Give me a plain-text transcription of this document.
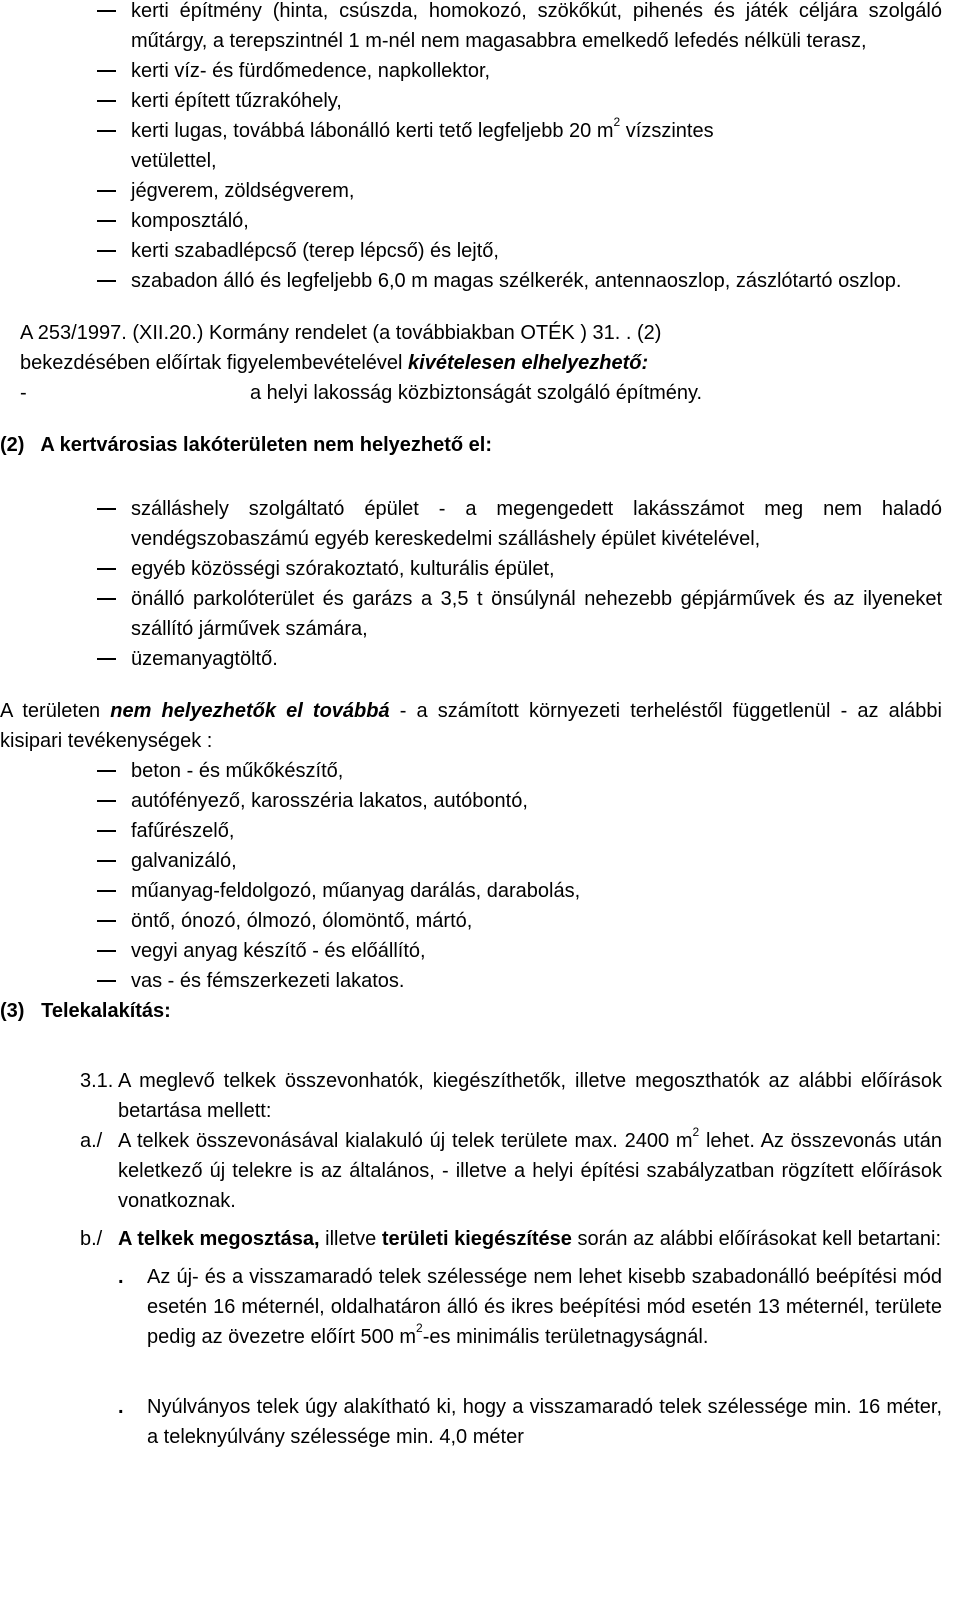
kerti építmény (hinta, csúszda, homokozó, szökőkút, pihenés és játék céljára szolgáló műtárgy, a terepszintnél 1 m-nél nem magasabbra emelkedő lefedés nélküli terasz,
kerti víz- és fürdőmedence, napkollektor,
kerti épített tűzrakóhely,
kerti lugas, továbbá lábonálló kerti tető legfeljebb 20 $m^2$ vízszintes
vetülettel,
jégverem, zöldségverem,
komposztáló,
kerti szabadlépcső (terep lépcső) és lejtő,
szabadon álló és legfeljebb 6,0 m magas szélkerék, antennaoszlop, zászlótartó oszlop.
A 253/1997. (XII.20.) Kormány rendelet (a továbbiakban OTÉK ) 31. . (2)
bekezdésében előírtak figyelembevételével kivételesen elhelyezhető:
-	a helyi lakosság közbiztonságát szolgáló építmény.
(2)   A kertvárosias lakóterületen nem helyezhető el:
szálláshely szolgáltató épület - a megengedett lakásszámot meg nem haladó vendégszobaszámú egyéb kereskedelmi szálláshely épület kivételével,
egyéb közösségi szórakoztató, kulturális épület,
önálló parkolóterület és garázs a 3,5 t önsúlynál nehezebb gépjárművek és az ilyeneket szállító járművek számára,
üzemanyagtöltő.
A területen nem helyezhetők el továbbá - a számított környezeti terheléstől függetlenül - az alábbi kisipari tevékenységek :
beton - és műkőkészítő,
autófényező, karosszéria lakatos, autóbontó,
fafűrészelő,
galvanizáló,
műanyag-feldolgozó, műanyag darálás, darabolás,
öntő, ónozó, ólmozó, ólomöntő, mártó,
vegyi anyag készítő - és előállító,
vas - és fémszerkezeti lakatos.
(3)   Telekalakítás:
3.1. A meglevő telkek összevonhatók, kiegészíthetők, illetve megoszthatók az alábbi előírások betartása mellett:
a./ A telkek összevonásával kialakuló új telek területe max. 2400 $m^2$ lehet. Az összevonás után keletkező új telekre is az általános, - illetve a helyi építési szabályzatban rögzített előírások vonatkoznak.
b./ A telkek megosztása, illetve területi kiegészítése során az alábbi előírásokat kell betartani:
. Az új- és a visszamaradó telek szélessége nem lehet kisebb szabadonálló beépítési mód esetén 16 méternél, oldalhatáron álló és ikres beépítési mód esetén 13 méternél, területe pedig az övezetre előírt 500 $m^2-es$ minimális területnagyságnál.
. Nyúlványos telek úgy alakítható ki, hogy a visszamaradó telek szélessége min. 16 méter, a teleknyúlvány szélessége min. 4,0 méter
